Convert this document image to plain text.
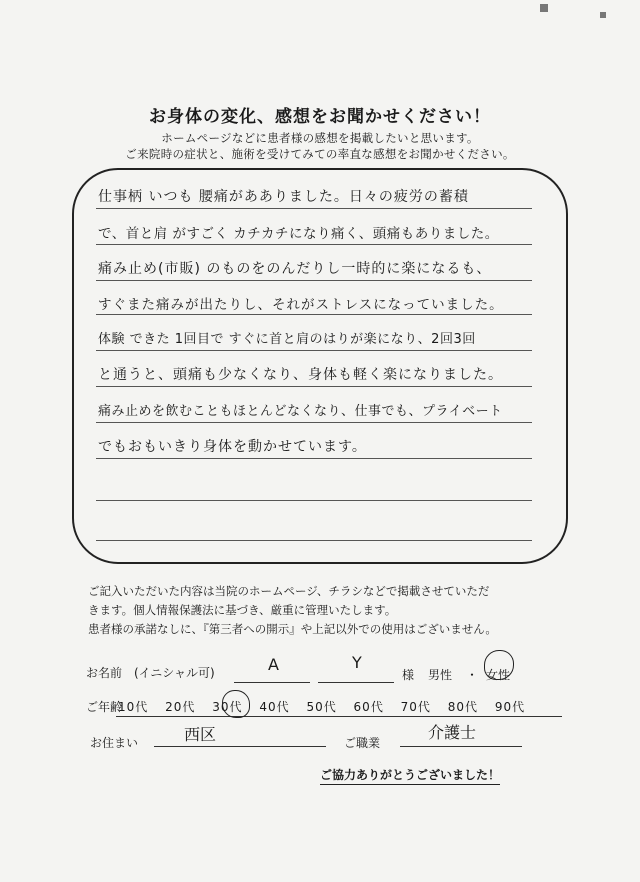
お身体の変化、感想をお聞かせください！
ホームページなどに患者様の感想を掲載したいと思います。
ご来院時の症状と、施術を受けてみての率直な感想をお聞かせください。
仕事柄 いつも 腰痛があありました。日々の疲労の蓄積
で、首と肩 がすごく カチカチになり痛く、頭痛もありました。
痛み止め(市販) のものをのんだりし一時的に楽になるも、
すぐまた痛みが出たりし、それがストレスになっていました。
体験 できた 1回目で すぐに首と肩のはりが楽になり、2回3回
と通うと、頭痛も少なくなり、身体も軽く楽になりました。
痛み止めを飲むこともほとんどなくなり、仕事でも、プライベート
でもおもいきり身体を動かせています。
ご記入いただいた内容は当院のホームページ、チラシなどで掲載させていただ
きます。個人情報保護法に基づき、厳重に管理いたします。
患者様の承諾なしに、『第三者への開示』や上記以外での使用はございません。
お名前　(イニシャル可)	A	Y
様 男性 ・ 女性
ご年齢
10代 20代 30代 40代 50代 60代 70代 80代 90代
お住まい	西区	ご職業
介護士
ご協力ありがとうございました！
